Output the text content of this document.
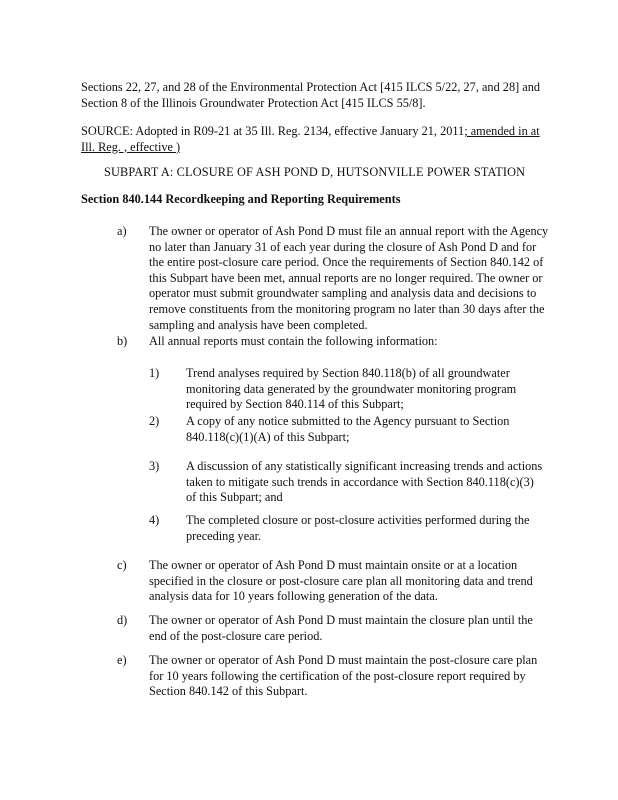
Sections 22, 27, and 28 of the Environmental Protection Act [415 ILCS 5/22, 27, and 28] and Section 8 of the Illinois Groundwater Protection Act [415 ILCS 55/8].

SOURCE: Adopted in R09-21 at 35 Ill. Reg. 2134, effective January 21, 2011; amended in at Ill. Reg. , effective )

SUBPART A: CLOSURE OF ASH POND D, HUTSONVILLE POWER STATION

Section 840.144 Recordkeeping and Reporting Requirements

a) The owner or operator of Ash Pond D must file an annual report with the Agency no later than January 31 of each year during the closure of Ash Pond D and for the entire post-closure care period. Once the requirements of Section 840.142 of this Subpart have been met, annual reports are no longer required. The owner or operator must submit groundwater sampling and analysis data and decisions to remove constituents from the monitoring program no later than 30 days after the sampling and analysis have been completed.
b) All annual reports must contain the following information:
1) Trend analyses required by Section 840.118(b) of all groundwater monitoring data generated by the groundwater monitoring program required by Section 840.114 of this Subpart;
2) A copy of any notice submitted to the Agency pursuant to Section 840.118(c)(1)(A) of this Subpart;
3) A discussion of any statistically significant increasing trends and actions taken to mitigate such trends in accordance with Section 840.118(c)(3) of this Subpart; and
4) The completed closure or post-closure activities performed during the preceding year.
c) The owner or operator of Ash Pond D must maintain onsite or at a location specified in the closure or post-closure care plan all monitoring data and trend analysis data for 10 years following generation of the data.
d) The owner or operator of Ash Pond D must maintain the closure plan until the end of the post-closure care period.
e) The owner or operator of Ash Pond D must maintain the post-closure care plan for 10 years following the certification of the post-closure report required by Section 840.142 of this Subpart.
